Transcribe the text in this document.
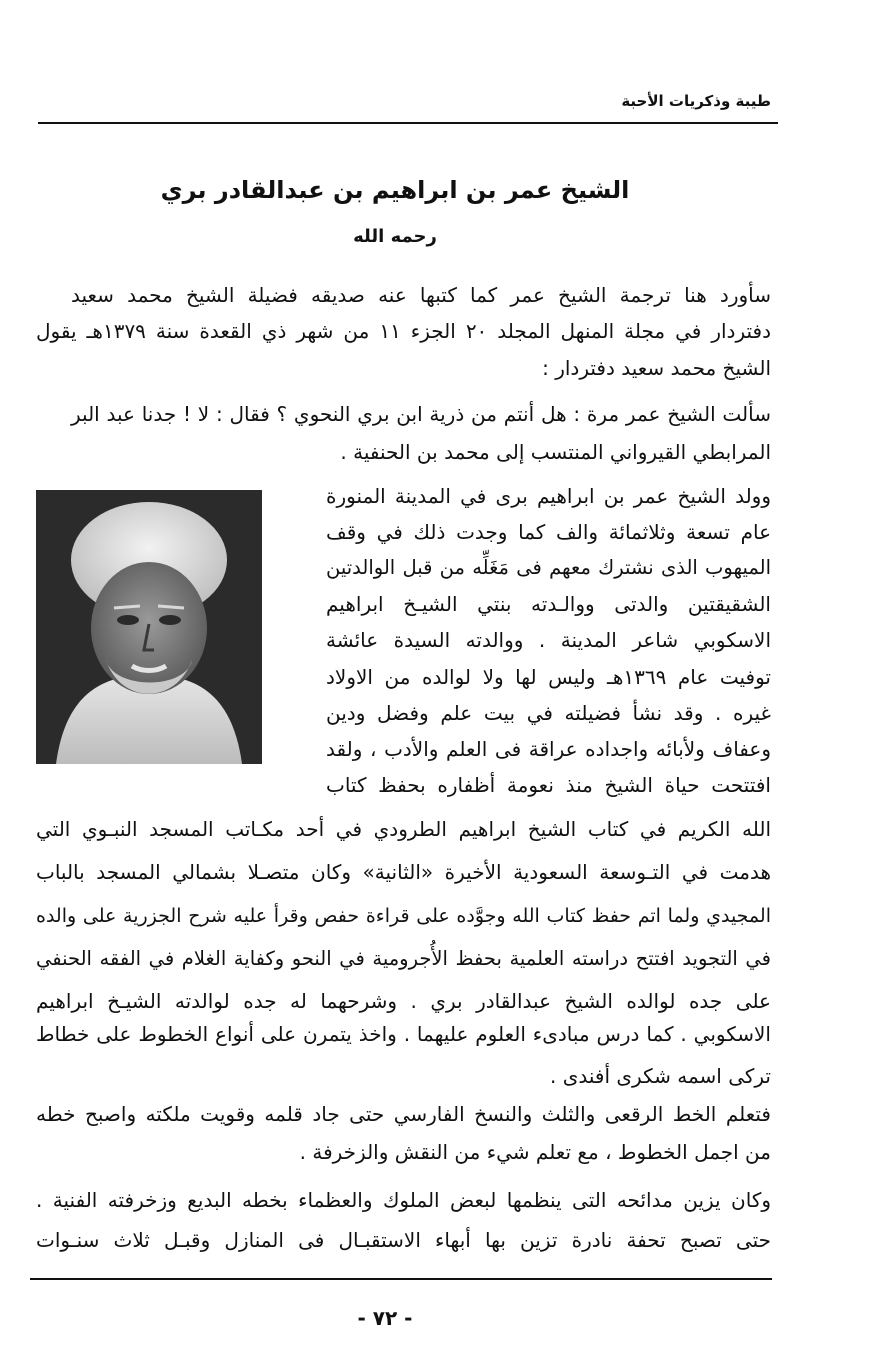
طيبة وذكريات الأحبة
الشيخ عمر بن ابراهيم بن عبدالقادر بري
رحمه الله
سأورد هنا ترجمة الشيخ عمر كما كتبها عنه صديقه فضيلة الشيخ محمد سعيد
دفتردار في مجلة المنهل المجلد ٢٠ الجزء ١١ من شهر ذي القعدة سنة ١٣٧٩هـ يقول
الشيخ محمد سعيد دفتردار :
سألت الشيخ عمر مرة : هل أنتم من ذرية ابن بري النحوي ؟ فقال : لا ! جدنا عبد البر
المرابطي القيرواني المنتسب إلى محمد بن الحنفية .
وولد الشيخ عمر بن ابراهيم برى في المدينة المنورة
عام تسعة وثلاثمائة والف كما وجدت ذلك في وقف
الميهوب الذى نشترك معهم فى مَغَلِّه من قبل الوالدتين
الشقيقتين والدتى ووالـدته بنتي الشيـخ ابراهيم
الاسكوبي شاعر المدينة . ووالدته السيدة عائشة
توفيت عام ١٣٦٩هـ وليس لها ولا لوالده من الاولاد
غيره . وقد نشأ فضيلته في بيت علم وفضل ودين
وعفاف ولأبائه واجداده عراقة فى العلم والأدب ، ولقد
افتتحت حياة الشيخ منذ نعومة أظفاره بحفظ كتاب
الله الكريم في كتاب الشيخ ابراهيم الطرودي في أحد مكـاتب المسجد النبـوي التي
هدمت في التـوسعة السعودية الأخيرة «الثانية» وكان متصـلا بشمالي المسجد بالباب
المجيدي ولما اتم حفظ كتاب الله وجوَّده على قراءة حفص وقرأ عليه شرح الجزرية على والده
في التجويد افتتح دراسته العلمية بحفظ الأُجرومية في النحو وكفاية الغلام في الفقه الحنفي
على جده لوالده الشيخ عبدالقادر بري . وشرحهما له جده لوالدته الشيـخ ابراهيم
الاسكوبي . كما درس مبادىء العلوم عليهما . واخذ يتمرن على أنواع الخطوط على خطاط
تركى اسمه شكرى أفندى .
فتعلم الخط الرقعى والثلث والنسخ الفارسي حتى جاد قلمه وقويت ملكته واصبح خطه
من اجمل الخطوط ، مع تعلم شيء من النقش والزخرفة .
وكان يزين مدائحه التى ينظمها لبعض الملوك والعظماء بخطه البديع وزخرفته الفنية .
حتى تصبح تحفة نادرة تزين بها أبهاء الاستقبـال فى المنازل وقبـل ثلاث سنـوات
- ٧٢ -
